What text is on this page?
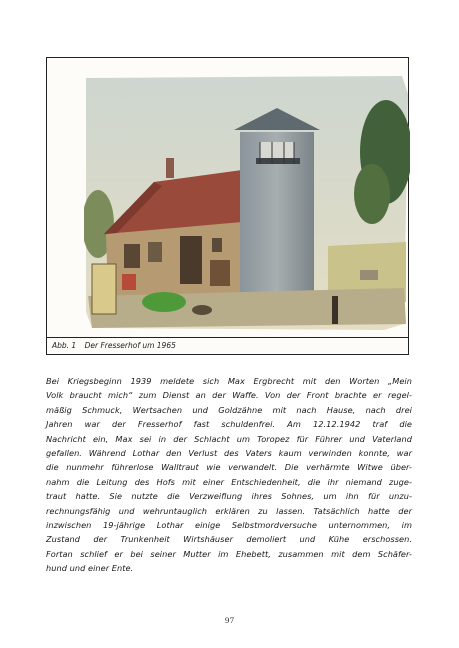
Abb. 1 Der Fresserhof um 1965
Bei Kriegsbeginn 1939 meldete sich Max Ergbrecht mit den Worten „Mein
Volk braucht mich“ zum Dienst an der Waffe. Von der Front brachte er regel-
mäßig Schmuck, Wertsachen und Goldzähne mit nach Hause, nach drei
Jahren war der Fresserhof fast schuldenfrei. Am 12.12.1942 traf die
Nachricht ein, Max sei in der Schlacht um Toropez für Führer und Vaterland
gefallen. Während Lothar den Verlust des Vaters kaum verwinden konnte, war
die nunmehr führerlose Walltraut wie verwandelt. Die verhärmte Witwe über-
nahm die Leitung des Hofs mit einer Entschiedenheit, die ihr niemand zuge-
traut hatte. Sie nutzte die Verzweiflung ihres Sohnes, um ihn für unzu-
rechnungsfähig und wehruntauglich erklären zu lassen. Tatsächlich hatte der
inzwischen 19-jährige Lothar einige Selbstmordversuche unternommen, im
Zustand der Trunkenheit Wirtshäuser demoliert und Kühe erschossen.
Fortan schlief er bei seiner Mutter im Ehebett, zusammen mit dem Schäfer-
hund und einer Ente.
97
